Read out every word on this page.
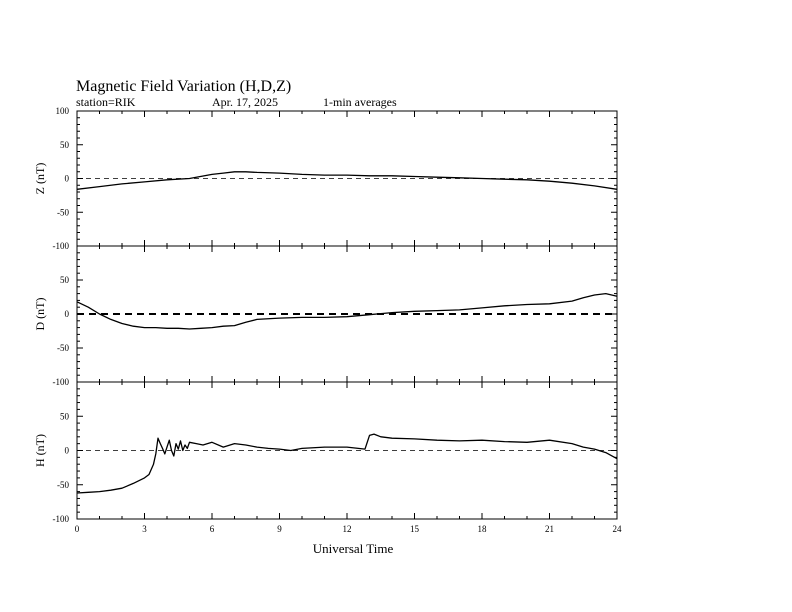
Magnetic Field Variation (H,D,Z)
station=RIK	Apr. 17, 2025	1-min averages
100
50
0
-50
-100
Z (nT)
50
0
-50
-100
D (nT)
50
0
-50
-100
0	3	6	9	12	15	18	21	24
H (nT)
Universal Time
